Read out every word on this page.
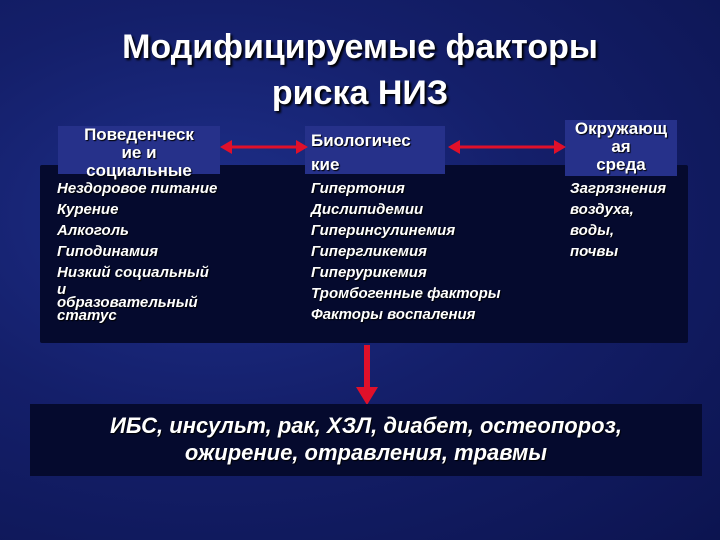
Модифицируемые факторы
риска НИЗ
Поведенческ
ие и
социальные
Биологичес
кие
Окружающ
ая
среда
Нездоровое питание
Курение
Алкоголь
Гиподинамия
Низкий социальный
и
образовательный
статус
Гипертония
Дислипидемии
Гиперинсулинемия
Гипергликемия
Гиперурикемия
Тромбогенные факторы
Факторы воспаления
Загрязнения
воздуха,
воды,
почвы
ИБС, инсульт, рак, ХЗЛ, диабет, остеопороз,
ожирение, отравления, травмы
